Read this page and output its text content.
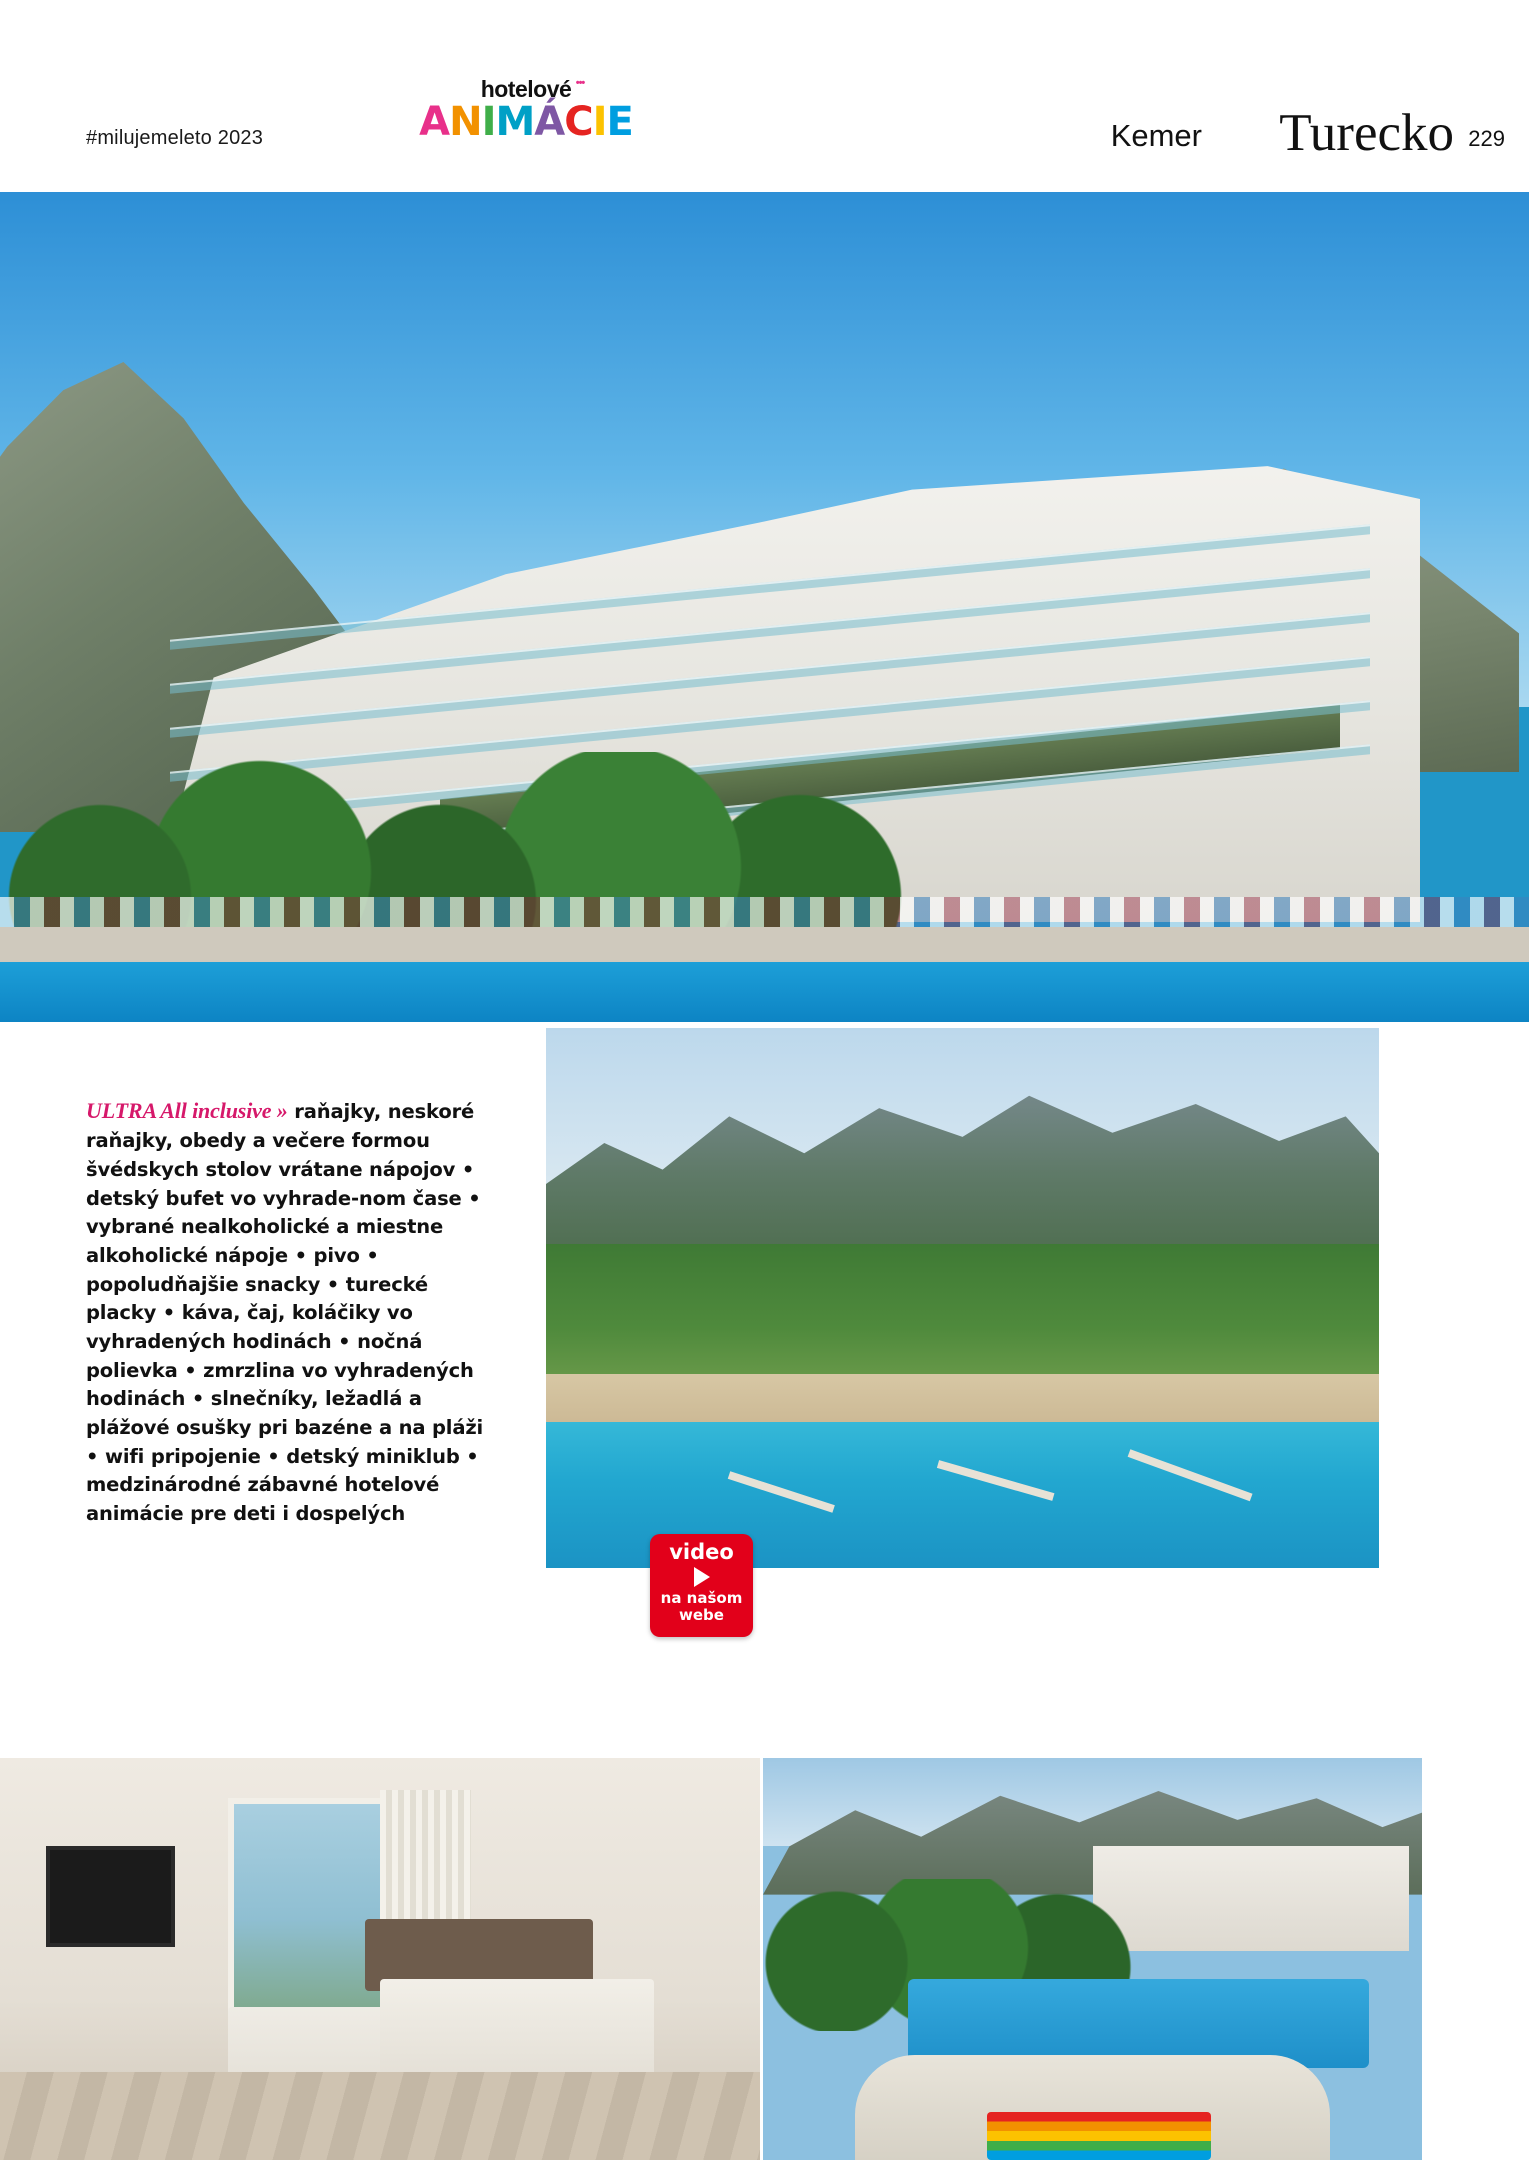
#milujemeleto 2023
hotelové •••
ANIMÁCIE	Kemer Turecko 229
ULTRA All inclusive » raňajky, neskoré raňajky, obedy a večere formou švédskych stolov vrátane nápojov • detský bufet vo vyhrade-nom čase • vybrané nealkoholické a miestne alkoholické nápoje • pivo • popoludňajšie snacky • turecké placky • káva, čaj, koláčiky vo vyhradených hodinách • nočná polievka • zmrzlina vo vyhradených hodinách • slnečníky, ležadlá a plážové osušky pri bazéne a na pláži • wifi pripojenie • detský miniklub • medzinárodné zábavné hotelové animácie pre deti i dospelých
video
na našom
webe
